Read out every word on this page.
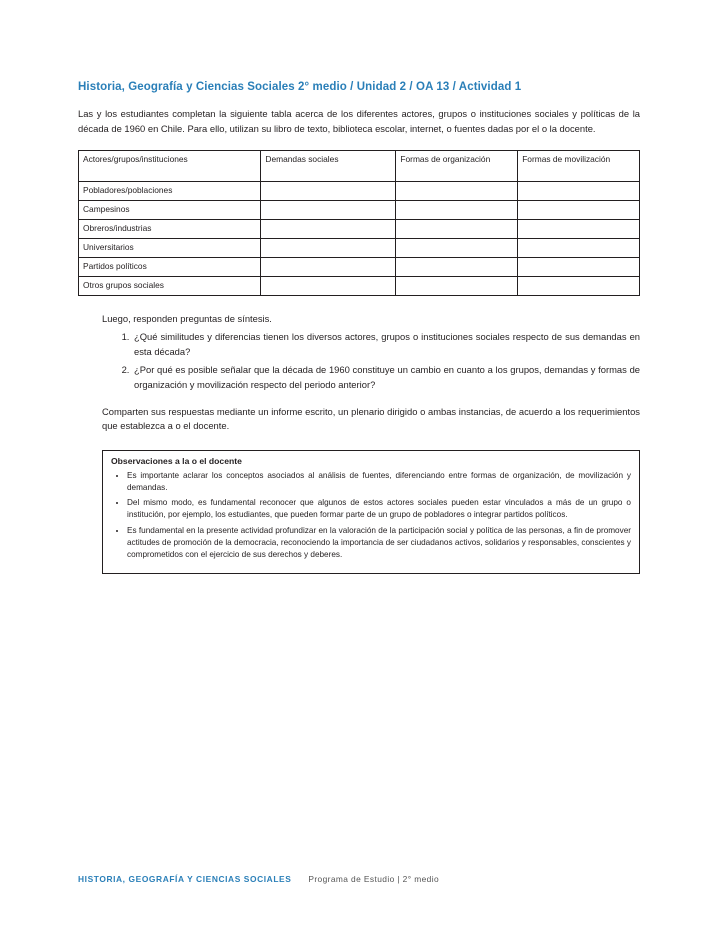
Historia, Geografía y Ciencias Sociales 2° medio / Unidad 2 / OA 13 / Actividad 1

Las y los estudiantes completan la siguiente tabla acerca de los diferentes actores, grupos o instituciones sociales y políticas de la década de 1960 en Chile. Para ello, utilizan su libro de texto, biblioteca escolar, internet, o fuentes dadas por el o la docente.

Actores/grupos/instituciones	Demandas sociales	Formas de organización	Formas de movilización
Pobladores/poblaciones			
Campesinos			
Obreros/industrias			
Universitarios			
Partidos políticos			
Otros grupos sociales			

Luego, responden preguntas de síntesis.

1. ¿Qué similitudes y diferencias tienen los diversos actores, grupos o instituciones sociales respecto de sus demandas en esta década?
2. ¿Por qué es posible señalar que la década de 1960 constituye un cambio en cuanto a los grupos, demandas y formas de organización y movilización respecto del periodo anterior?

Comparten sus respuestas mediante un informe escrito, un plenario dirigido o ambas instancias, de acuerdo a los requerimientos que establezca a o el docente.

Observaciones a la o el docente

• Es importante aclarar los conceptos asociados al análisis de fuentes, diferenciando entre formas de organización, de movilización y demandas.
• Del mismo modo, es fundamental reconocer que algunos de estos actores sociales pueden estar vinculados a más de un grupo o institución, por ejemplo, los estudiantes, que pueden formar parte de un grupo de pobladores o integrar partidos políticos.
• Es fundamental en la presente actividad profundizar en la valoración de la participación social y política de las personas, a fin de promover actitudes de promoción de la democracia, reconociendo la importancia de ser ciudadanos activos, solidarios y responsables, conscientes y comprometidos con el ejercicio de sus derechos y deberes.
HISTORIA, GEOGRAFÍA Y CIENCIAS SOCIALES Programa de Estudio | 2° medio
